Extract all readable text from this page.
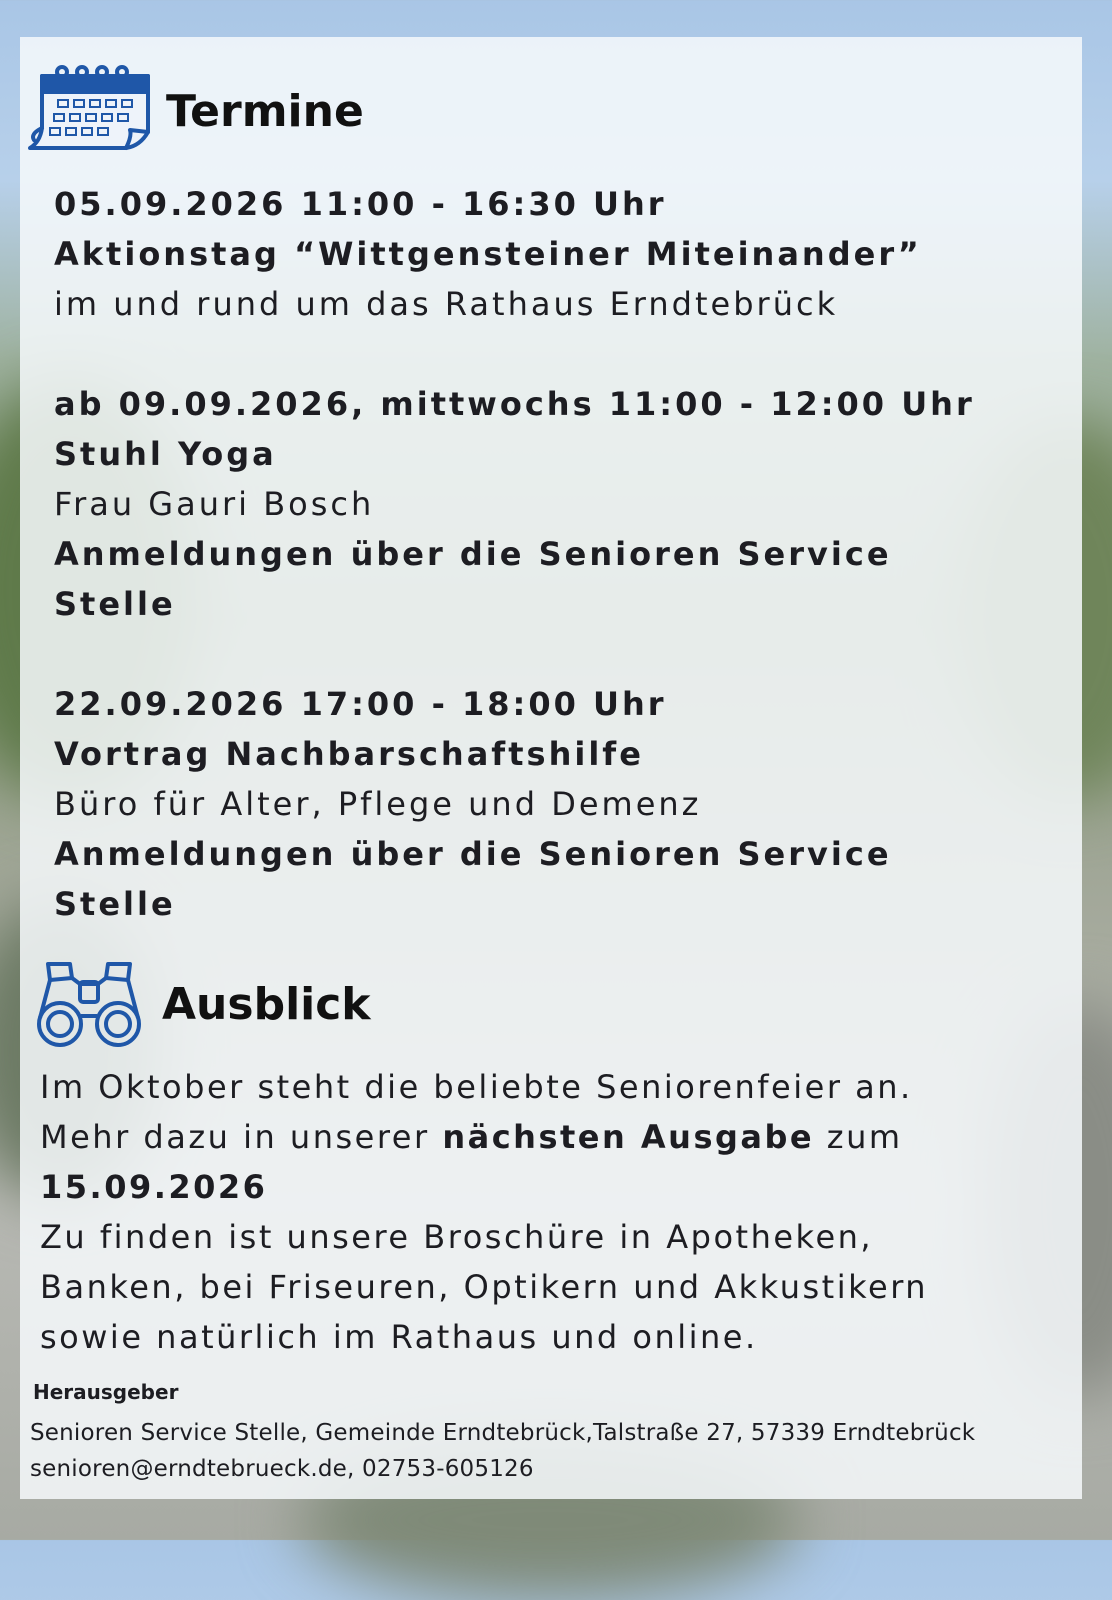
Termine
05.09.2026 11:00 - 16:30 Uhr
Aktionstag “Wittgensteiner Miteinander”
im und rund um das Rathaus Erndtebrück
ab 09.09.2026, mittwochs 11:00 - 12:00 Uhr
Stuhl Yoga
Frau Gauri Bosch
Anmeldungen über die Senioren Service
Stelle
22.09.2026 17:00 - 18:00 Uhr
Vortrag Nachbarschaftshilfe
Büro für Alter, Pflege und Demenz
Anmeldungen über die Senioren Service
Stelle
Ausblick
Im Oktober steht die beliebte Seniorenfeier an.
Mehr dazu in unserer nächsten Ausgabe zum
15.09.2026
Zu finden ist unsere Broschüre in Apotheken,
Banken, bei Friseuren, Optikern und Akkustikern
sowie natürlich im Rathaus und online.
Herausgeber
Senioren Service Stelle, Gemeinde Erndtebrück,Talstraße 27, 57339 Erndtebrück
senioren@erndtebrueck.de, 02753-605126
